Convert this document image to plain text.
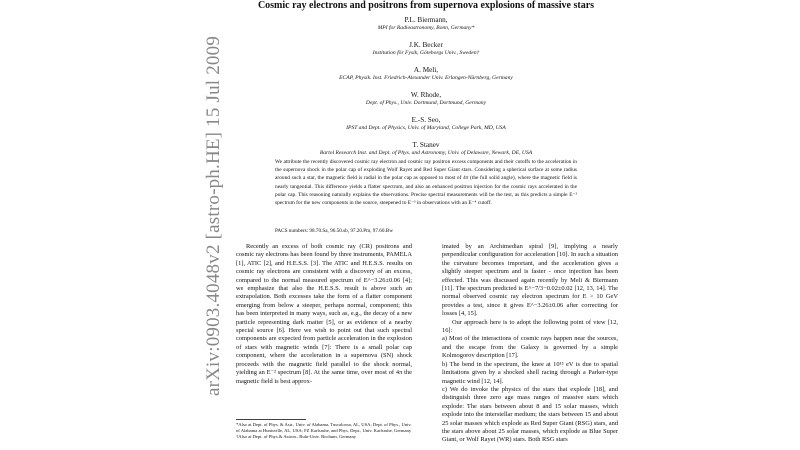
arXiv:0903.4048v2 [astro-ph.HE] 15 Jul 2009
Cosmic ray electrons and positrons from supernova explosions of massive stars
P.L. Biermann,
MPI for Radioastronomy, Bonn, Germany*
J.K. Becker
Institution för Fysik, Göteborgs Univ., Sweden†
A. Meli,
ECAP, Physik. Inst. Friedrich-Alexander Univ. Erlangen-Nürnberg, Germany
W. Rhode,
Dept. of Phys., Univ. Dortmund, Dortmund, Germany
E.-S. Seo,
IPST and Dept. of Physics, Univ. of Maryland, College Park, MD, USA
T. Stanev
Bartol Research Inst. and Dept. of Phys. and Astronomy, Univ. of Delaware, Newark, DE, USA

We attribute the recently discovered cosmic ray electron and cosmic ray positron excess components and their cutoffs to the acceleration in the supernova shock in the polar cap of exploding Wolf Rayet and Red Super Giant stars. Considering a spherical surface at some radius around such a star, the magnetic field is radial in the polar cap as opposed to most of 4π (the full solid angle), where the magnetic field is nearly tangential. This difference yields a flatter spectrum, and also an enhanced positron injection for the cosmic rays accelerated in the polar cap. This reasoning naturally explains the observations. Precise spectral measurements will be the test, as this predicts a simple E⁻³ spectrum for the new components in the source, steepened to E⁻³ in observations with an E⁻⁴ cutoff.

PACS numbers: 98.70.Sa, 96.50.sb, 97.20.Pm, 97.60.Bw

Recently an excess of both cosmic ray (CR) positrons and cosmic ray electrons has been found by three instruments, PAMELA [1], ATIC [2], and H.E.S.S. [3]. The ATIC and H.E.S.S. results on cosmic ray electrons are consistent with a discovery of an excess, compared to the normal measured spectrum of E^−3.26±0.06 [4]; we emphasize that also the H.E.S.S. result is above such an extrapolation. Both excesses take the form of a flatter component emerging from below a steeper, perhaps normal, component; this has been interpreted in many ways, such as, e.g., the decay of a new particle representing dark matter [5], or as evidence of a nearby special source [6]. Here we wish to point out that such spectral components are expected from particle acceleration in the explosion of stars with magnetic winds [7]: There is a small polar cap component, where the acceleration in a supernova (SN) shock proceeds with the magnetic field parallel to the shock normal, yielding an E⁻² spectrum [8]. At the same time, over most of 4π the magnetic field is best approx-

imated by an Archimedian spiral [9], implying a nearly perpendicular configuration for acceleration [10]. In such a situation the curvature becomes important, and the acceleration gives a slightly steeper spectrum and is faster - once injection has been effected. This was discussed again recently by Meli & Biermann [11]. The spectrum predicted is E^−7/3−0.02±0.02 [12, 13, 14]. The normal observed cosmic ray electron spectrum for E > 10 GeV provides a test, since it gives E^−3.26±0.06 after correcting for losses [4, 15].

Our approach here is to adopt the following point of view [12, 16]:

a) Most of the interactions of cosmic rays happen near the sources, and the escape from the Galaxy is governed by a simple Kolmogorov description [17].

b) The bend in the spectrum, the knee at 10¹⁵ eV is due to spatial limitations given by a shocked shell racing through a Parker-type magnetic wind [12, 14].

c) We do invoke the physics of the stars that explode [18], and distinguish three zero age mass ranges of massive stars which explode: The stars between about 8 and 15 solar masses, which explode into the interstellar medium; the stars between 15 and about 25 solar masses which explode as Red Super Giant (RSG) stars, and the stars above about 25 solar masses, which explode as Blue Super Giant, or Wolf Rayet (WR) stars. Both RSG stars

*Also at Dept. of Phys. & Astr., Univ. of Alabama, Tuscaloosa, AL, USA; Dept. of Phys., Univ. of Alabama at Huntsville, AL, USA; FZ Karlsruhe, and Phys. Dept., Univ. Karlsruhe, Germany
†Also at Dept. of Phys.& Astron., Ruhr-Univ. Bochum, Germany
